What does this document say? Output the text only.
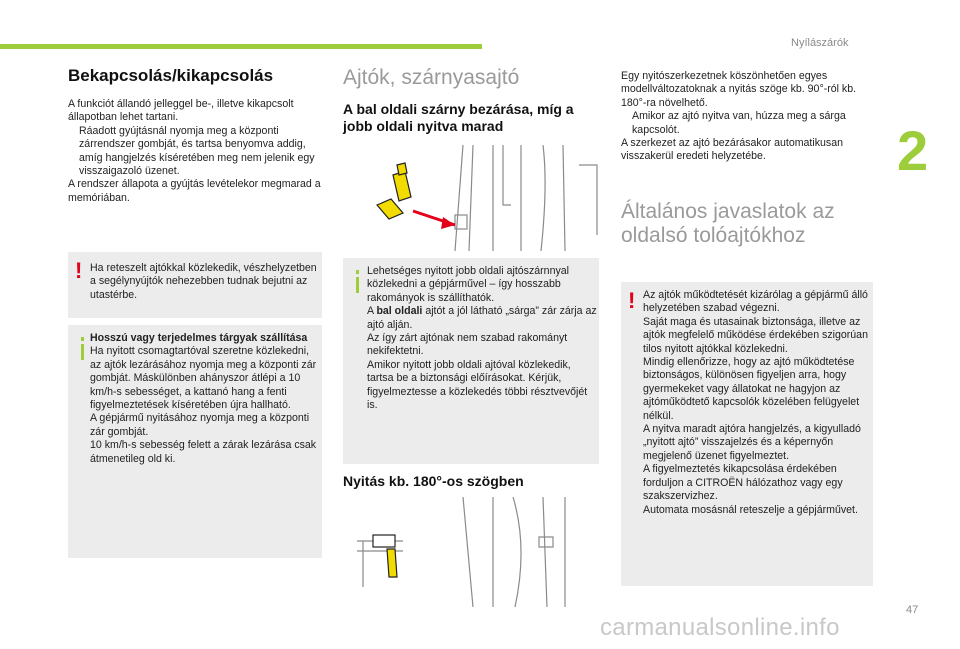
Nyílászárók
2
47
carmanualsonline.info
Bekapcsolás/kikapcsolás

A funkciót állandó jelleggel be-, illetve kikapcsolt állapotban lehet tartani.

Ráadott gyújtásnál nyomja meg a központi zárrendszer gombját, és tartsa benyomva addig, amíg hangjelzés kíséretében meg nem jelenik egy visszaigazoló üzenet.

A rendszer állapota a gyújtás levételekor megmarad a memóriában.

! Ha reteszelt ajtókkal közlekedik, vészhelyzetben a segélynyújtók nehezebben tudnak bejutni az utastérbe.

Hosszú vagy terjedelmes tárgyak szállítása

Ha nyitott csomagtartóval szeretne közlekedni, az ajtók lezárásához nyomja meg a központi zár gombját. Máskülönben ahányszor átlépi a 10 km/h-s sebességet, a kattanó hang a fenti figyelmeztetések kíséretében újra hallható.

A gépjármű nyitásához nyomja meg a központi zár gombját.

10 km/h-s sebesség felett a zárak lezárása csak átmenetileg old ki.

Ajtók, szárnyasajtó
A bal oldali szárny bezárása, míg a jobb oldali nyitva marad

Lehetséges nyitott jobb oldali ajtószárnnyal közlekedni a gépjárművel – így hosszabb rakományok is szállíthatók.

A bal oldali ajtót a jól látható „sárga” zár zárja az ajtó alján.

Az így zárt ajtónak nem szabad rakományt nekifektetni.

Amikor nyitott jobb oldali ajtóval közlekedik, tartsa be a biztonsági előírásokat. Kérjük, figyelmeztesse a közlekedés többi résztvevőjét is.

Nyitás kb. 180°-os szögben

Egy nyitószerkezetnek köszönhetően egyes modellváltozatoknak a nyitás szöge kb. 90°-ról kb. 180°-ra növelhető.

Amikor az ajtó nyitva van, húzza meg a sárga kapcsolót.

A szerkezet az ajtó bezárásakor automatikusan visszakerül eredeti helyzetébe.

Általános javaslatok az oldalsó tolóajtókhoz
! Az ajtók működtetését kizárólag a gépjármű álló helyzetében szabad végezni.

Saját maga és utasainak biztonsága, illetve az ajtók megfelelő működése érdekében szigorúan tilos nyitott ajtókkal közlekedni.

Mindig ellenőrizze, hogy az ajtó működtetése biztonságos, különösen figyeljen arra, hogy gyermekeket vagy állatokat ne hagyjon az ajtóműködtető kapcsolók közelében felügyelet nélkül.

A nyitva maradt ajtóra hangjelzés, a kigyulladó „nyitott ajtó” visszajelzés és a képernyőn megjelenő üzenet figyelmeztet.

A figyelmeztetés kikapcsolása érdekében forduljon a CITROËN hálózathoz vagy egy szakszervizhez.

Automata mosásnál reteszelje a gépjárművet.
